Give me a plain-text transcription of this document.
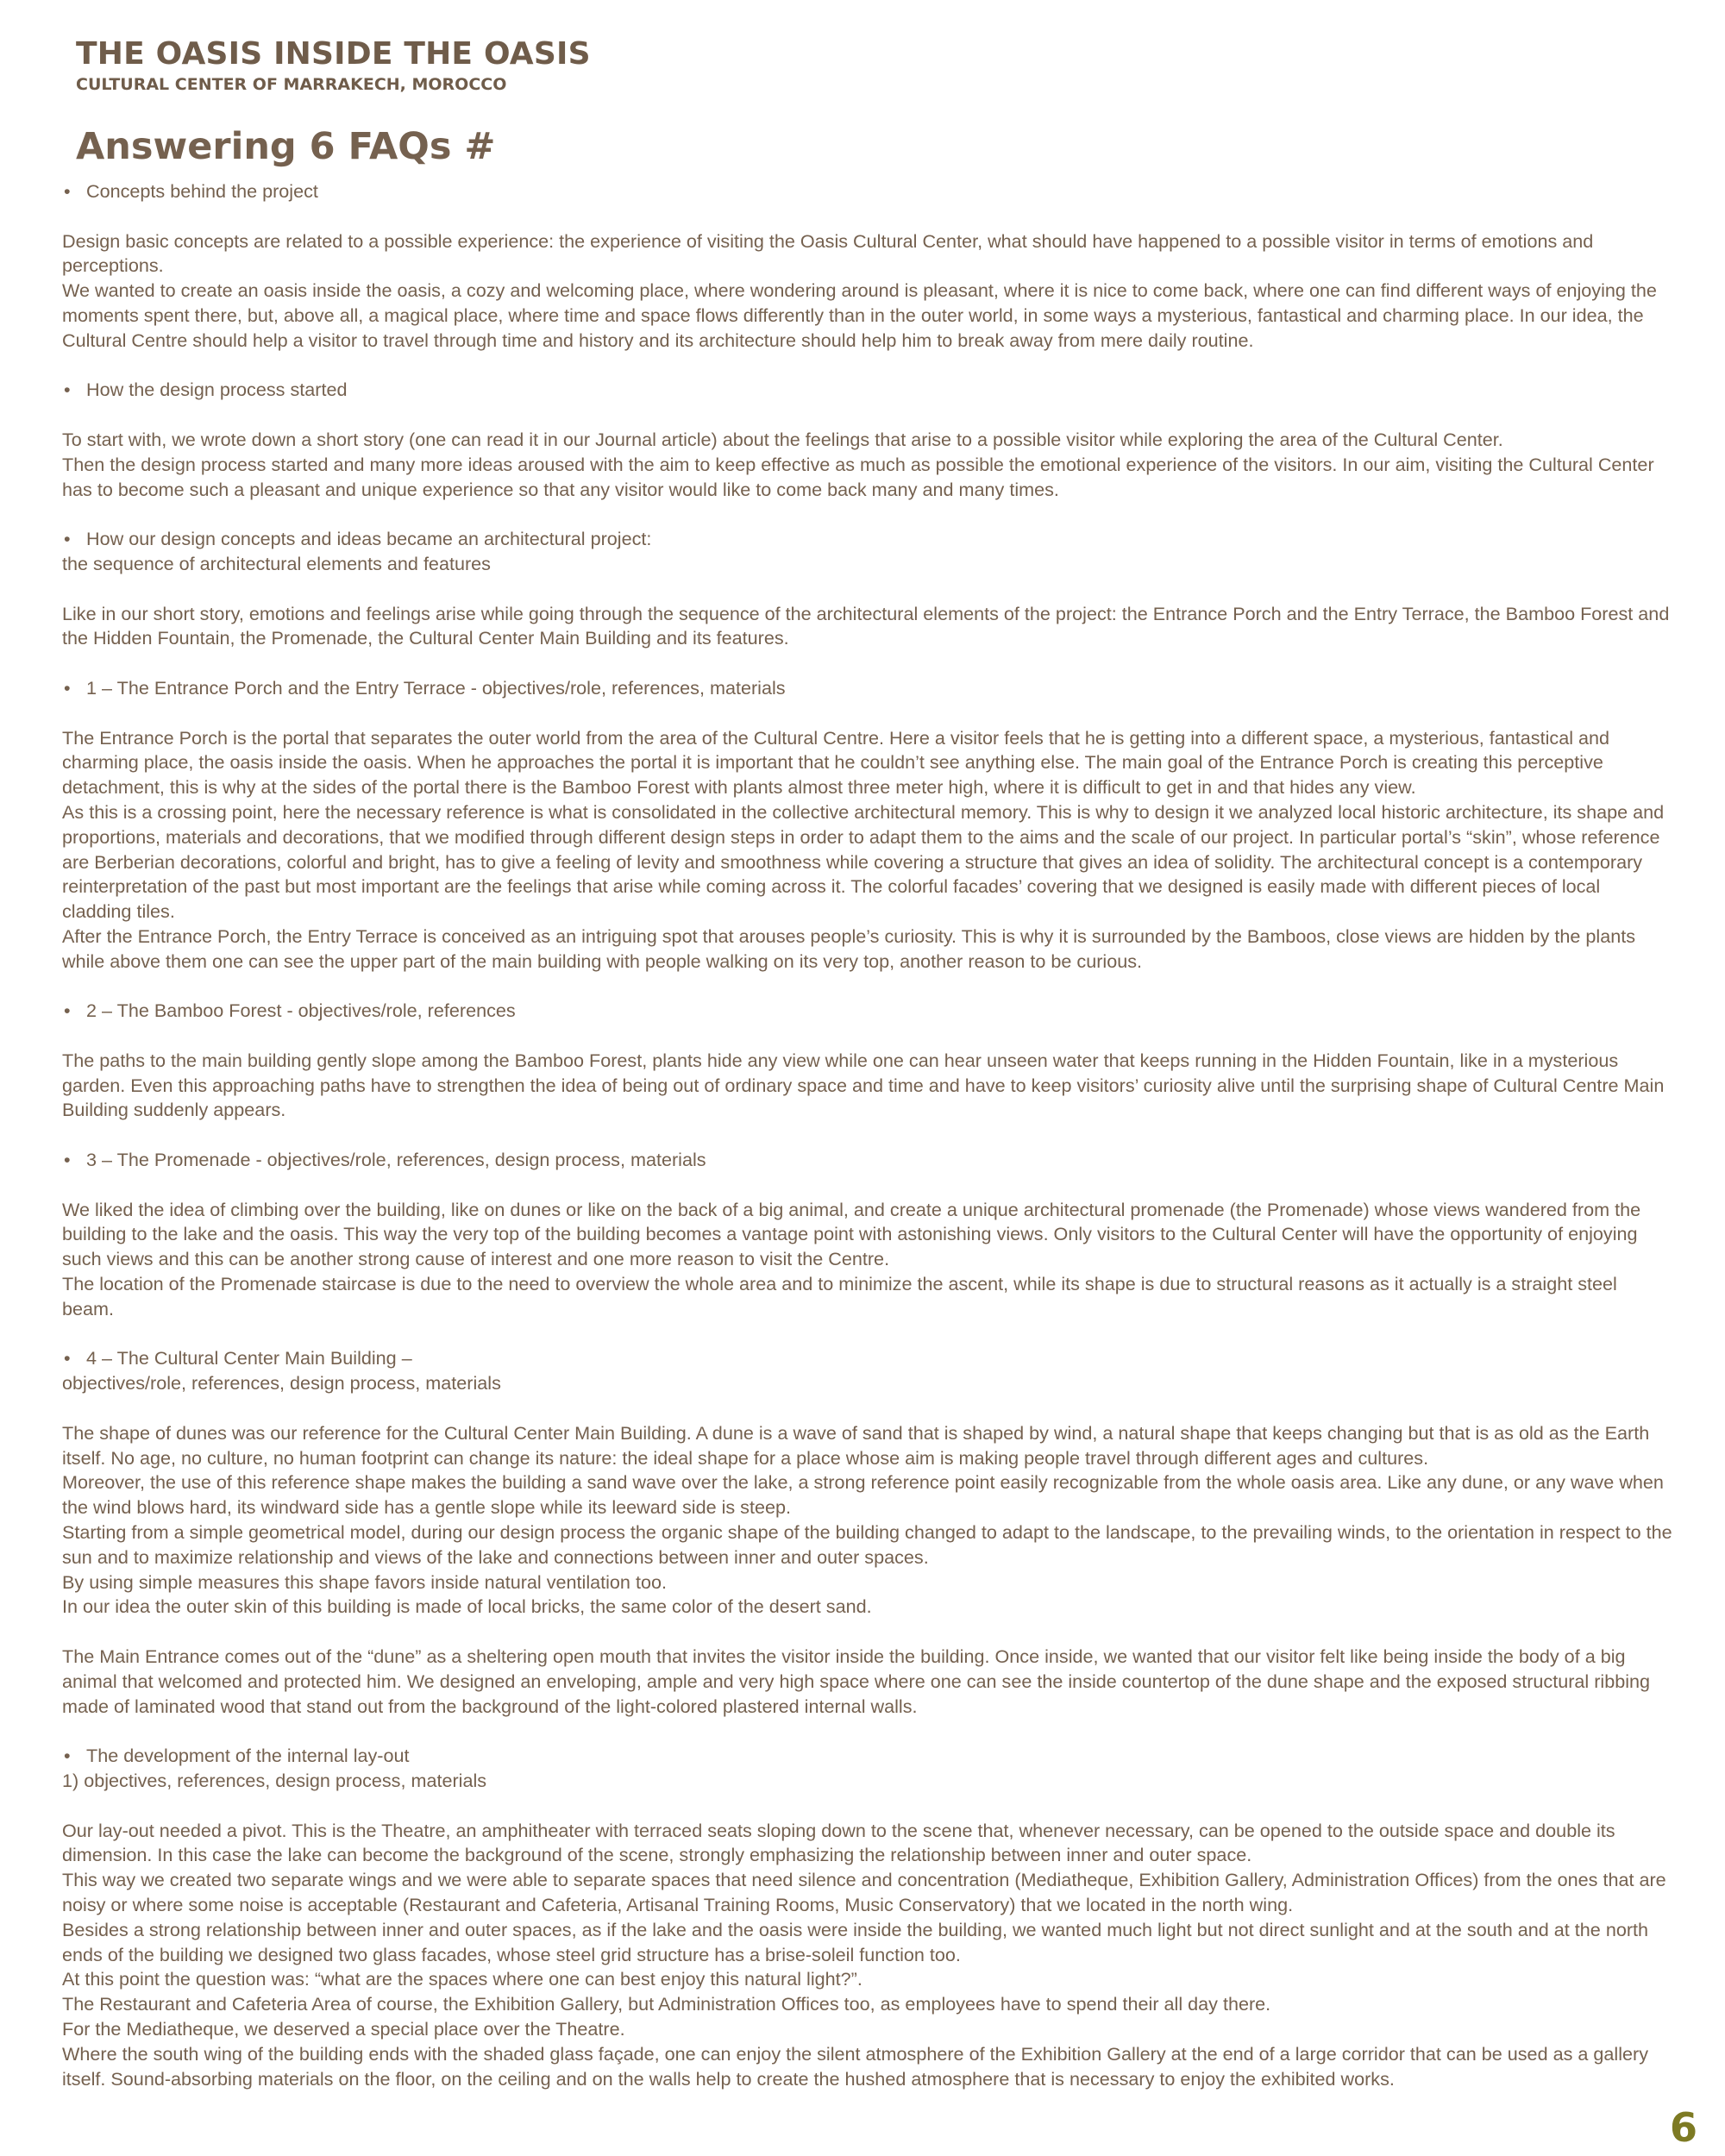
THE OASIS INSIDE THE OASIS
CULTURAL CENTER OF MARRAKECH, MOROCCO
Answering 6 FAQs #

• Concepts behind the project

Design basic concepts are related to a possible experience: the experience of visiting the Oasis Cultural Center, what should have happened to a possible visitor in terms of emotions and perceptions.
We wanted to create an oasis inside the oasis, a cozy and welcoming place, where wondering around is pleasant, where it is nice to come back, where one can find different ways of enjoying the moments spent there, but, above all, a magical place, where time and space flows differently than in the outer world, in some ways a mysterious, fantastical and charming place. In our idea, the Cultural Centre should help a visitor to travel through time and history and its architecture should help him to break away from mere daily routine.

• How the design process started

To start with, we wrote down a short story (one can read it in our Journal article) about the feelings that arise to a possible visitor while exploring the area of the Cultural Center.
Then the design process started and many more ideas aroused with the aim to keep effective as much as possible the emotional experience of the visitors. In our aim, visiting the Cultural Center has to become such a pleasant and unique experience so that any visitor would like to come back many and many times.

• How our design concepts and ideas became an architectural project:
the sequence of architectural elements and features

Like in our short story, emotions and feelings arise while going through the sequence of the architectural elements of the project: the Entrance Porch and the Entry Terrace, the Bamboo Forest and the Hidden Fountain, the Promenade, the Cultural Center Main Building and its features.

• 1 – The Entrance Porch and the Entry Terrace - objectives/role, references, materials

The Entrance Porch is the portal that separates the outer world from the area of the Cultural Centre. Here a visitor feels that he is getting into a different space, a mysterious, fantastical and charming place, the oasis inside the oasis. When he approaches the portal it is important that he couldn’t see anything else. The main goal of the Entrance Porch is creating this perceptive detachment, this is why at the sides of the portal there is the Bamboo Forest with plants almost three meter high, where it is difficult to get in and that hides any view.
As this is a crossing point, here the necessary reference is what is consolidated in the collective architectural memory. This is why to design it we analyzed local historic architecture, its shape and proportions, materials and decorations, that we modified through different design steps in order to adapt them to the aims and the scale of our project. In particular portal’s “skin”, whose reference are Berberian decorations, colorful and bright, has to give a feeling of levity and smoothness while covering a structure that gives an idea of solidity. The architectural concept is a contemporary reinterpretation of the past but most important are the feelings that arise while coming across it. The colorful facades’ covering that we designed is easily made with different pieces of local cladding tiles.
After the Entrance Porch, the Entry Terrace is conceived as an intriguing spot that arouses people’s curiosity. This is why it is surrounded by the Bamboos, close views are hidden by the plants while above them one can see the upper part of the main building with people walking on its very top, another reason to be curious.

• 2 – The Bamboo Forest - objectives/role, references

The paths to the main building gently slope among the Bamboo Forest, plants hide any view while one can hear unseen water that keeps running in the Hidden Fountain, like in a mysterious garden. Even this approaching paths have to strengthen the idea of being out of ordinary space and time and have to keep visitors’ curiosity alive until the surprising shape of Cultural Centre Main Building suddenly appears.

• 3 – The Promenade - objectives/role, references, design process, materials

We liked the idea of climbing over the building, like on dunes or like on the back of a big animal, and create a unique architectural promenade (the Promenade) whose views wandered from the building to the lake and the oasis. This way the very top of the building becomes a vantage point with astonishing views. Only visitors to the Cultural Center will have the opportunity of enjoying such views and this can be another strong cause of interest and one more reason to visit the Centre.
The location of the Promenade staircase is due to the need to overview the whole area and to minimize the ascent, while its shape is due to structural reasons as it actually is a straight steel beam.

• 4 – The Cultural Center Main Building –
objectives/role, references, design process, materials

The shape of dunes was our reference for the Cultural Center Main Building. A dune is a wave of sand that is shaped by wind, a natural shape that keeps changing but that is as old as the Earth itself. No age, no culture, no human footprint can change its nature: the ideal shape for a place whose aim is making people travel through different ages and cultures.
Moreover, the use of this reference shape makes the building a sand wave over the lake, a strong reference point easily recognizable from the whole oasis area. Like any dune, or any wave when the wind blows hard, its windward side has a gentle slope while its leeward side is steep.
Starting from a simple geometrical model, during our design process the organic shape of the building changed to adapt to the landscape, to the prevailing winds, to the orientation in respect to the sun and to maximize relationship and views of the lake and connections between inner and outer spaces.
By using simple measures this shape favors inside natural ventilation too.
In our idea the outer skin of this building is made of local bricks, the same color of the desert sand.

The Main Entrance comes out of the “dune” as a sheltering open mouth that invites the visitor inside the building. Once inside, we wanted that our visitor felt like being inside the body of a big animal that welcomed and protected him. We designed an enveloping, ample and very high space where one can see the inside countertop of the dune shape and the exposed structural ribbing made of laminated wood that stand out from the background of the light-colored plastered internal walls.

• The development of the internal lay-out
1) objectives, references, design process, materials

Our lay-out needed a pivot. This is the Theatre, an amphitheater with terraced seats sloping down to the scene that, whenever necessary, can be opened to the outside space and double its dimension. In this case the lake can become the background of the scene, strongly emphasizing the relationship between inner and outer space.
This way we created two separate wings and we were able to separate spaces that need silence and concentration (Mediatheque, Exhibition Gallery, Administration Offices) from the ones that are noisy or where some noise is acceptable (Restaurant and Cafeteria, Artisanal Training Rooms, Music Conservatory) that we located in the north wing.
Besides a strong relationship between inner and outer spaces, as if the lake and the oasis were inside the building, we wanted much light but not direct sunlight and at the south and at the north ends of the building we designed two glass facades, whose steel grid structure has a brise-soleil function too.
At this point the question was: “what are the spaces where one can best enjoy this natural light?”.
The Restaurant and Cafeteria Area of course, the Exhibition Gallery, but Administration Offices too, as employees have to spend their all day there.
For the Mediatheque, we deserved a special place over the Theatre.
Where the south wing of the building ends with the shaded glass façade, one can enjoy the silent atmosphere of the Exhibition Gallery at the end of a large corridor that can be used as a gallery itself. Sound-absorbing materials on the floor, on the ceiling and on the walls help to create the hushed atmosphere that is necessary to enjoy the exhibited works.

6
